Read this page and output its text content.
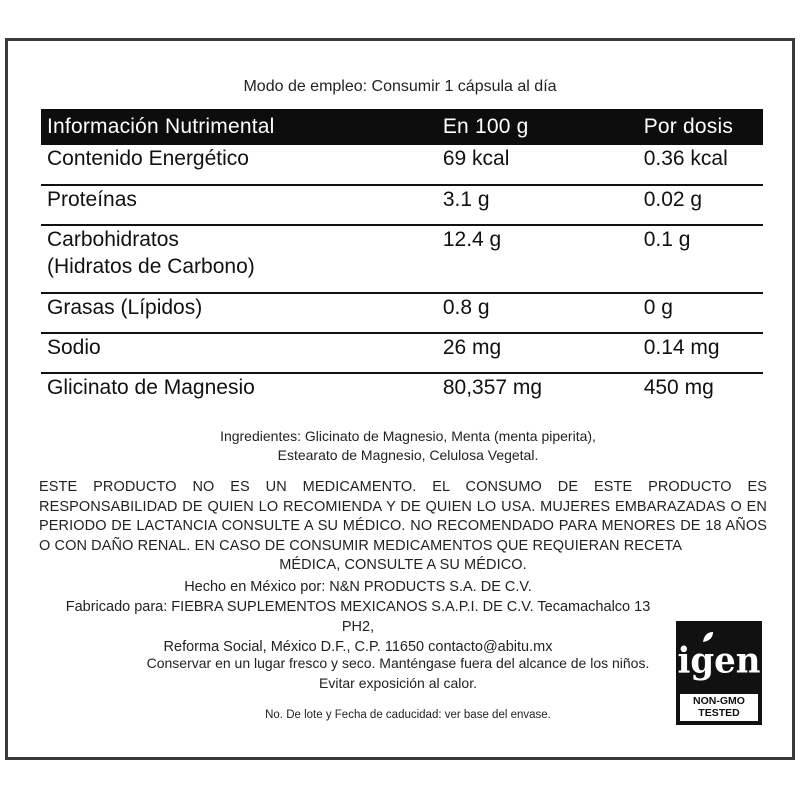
Modo de empleo: Consumir 1 cápsula al día
Información Nutrimental	En 100 g	Por dosis
Contenido Energético	69 kcal	0.36 kcal
Proteínas	3.1 g	0.02 g

Carbohidratos
(Hidratos de Carbono)	12.4 g	0.1 g
Grasas (Lípidos)	0.8 g	0 g
Sodio	26 mg	0.14 mg
Glicinato de Magnesio	80,357 mg	450 mg
Ingredientes: Glicinato de Magnesio, Menta (menta piperita),
Estearato de Magnesio, Celulosa Vegetal.
ESTE PRODUCTO NO ES UN MEDICAMENTO. EL CONSUMO DE ESTE PRODUCTO ES RESPONSABILIDAD DE QUIEN LO RECOMIENDA Y DE QUIEN LO USA. MUJERES EMBARAZADAS O EN PERIODO DE LACTANCIA CONSULTE A SU MÉDICO. NO RECOMENDADO PARA MENORES DE 18 AÑOS O CON DAÑO RENAL. EN CASO DE CONSUMIR MEDICAMENTOS QUE REQUIERAN RECETA
MÉDICA, CONSULTE A SU MÉDICO.
Hecho en México por: N&N PRODUCTS S.A. DE C.V.
Fabricado para: FIEBRA SUPLEMENTOS MEXICANOS S.A.P.I. DE C.V. Tecamachalco 13 PH2,
Reforma Social, México D.F., C.P. 11650 contacto@abitu.mx
Conservar en un lugar fresco y seco. Manténgase fuera del alcance de los niños.
Evitar exposición al calor.
No. De lote y Fecha de caducidad: ver base del envase.
igen
NON-GMO
TESTED
